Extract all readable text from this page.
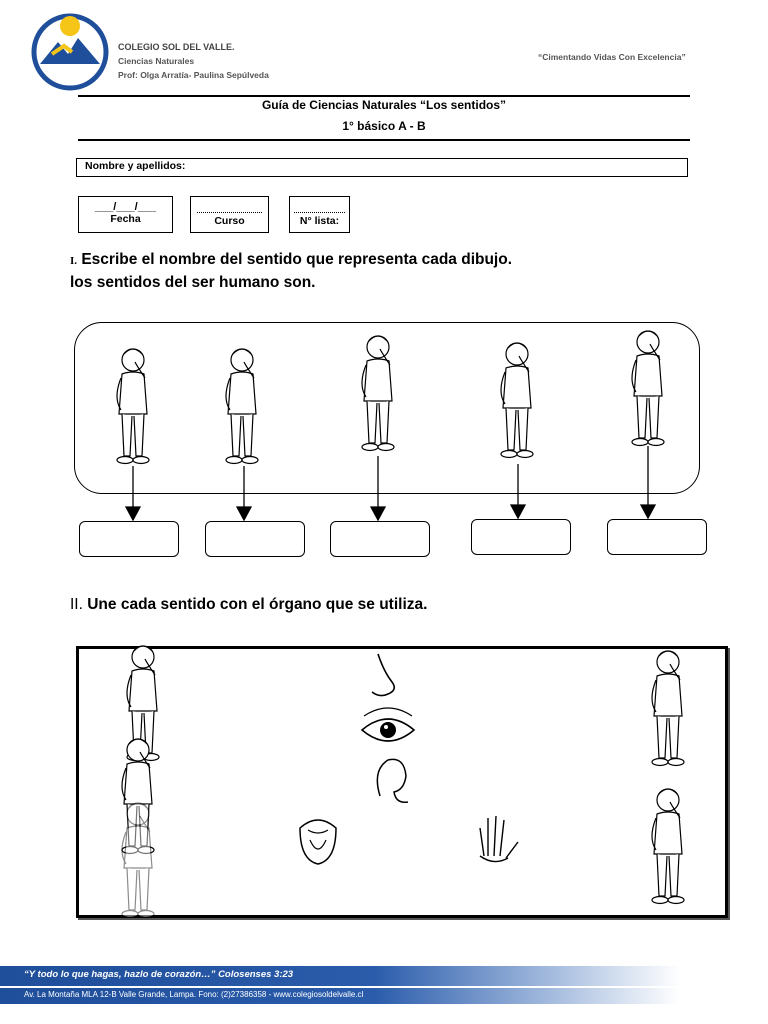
COLEGIO SOL DEL VALLE.
Ciencias Naturales
Prof: Olga Arratía- Paulina Sepúlveda
“Cimentando Vidas Con Excelencia”
Guía de Ciencias Naturales “Los sentidos”
1° básico A - B
Nombre y apellidos:
___/___/___
Fecha	Curso	N° lista:
I. Escribe el nombre del sentido que representa cada dibujo.
los sentidos del ser humano son.
II. Une cada sentido con el órgano que se utiliza.
“Y todo lo que hagas, hazlo de corazón…” Colosenses 3:23
Av. La Montaña MLA 12-B Valle Grande, Lampa. Fono: (2)27386358 - www.colegiosoldelvalle.cl
